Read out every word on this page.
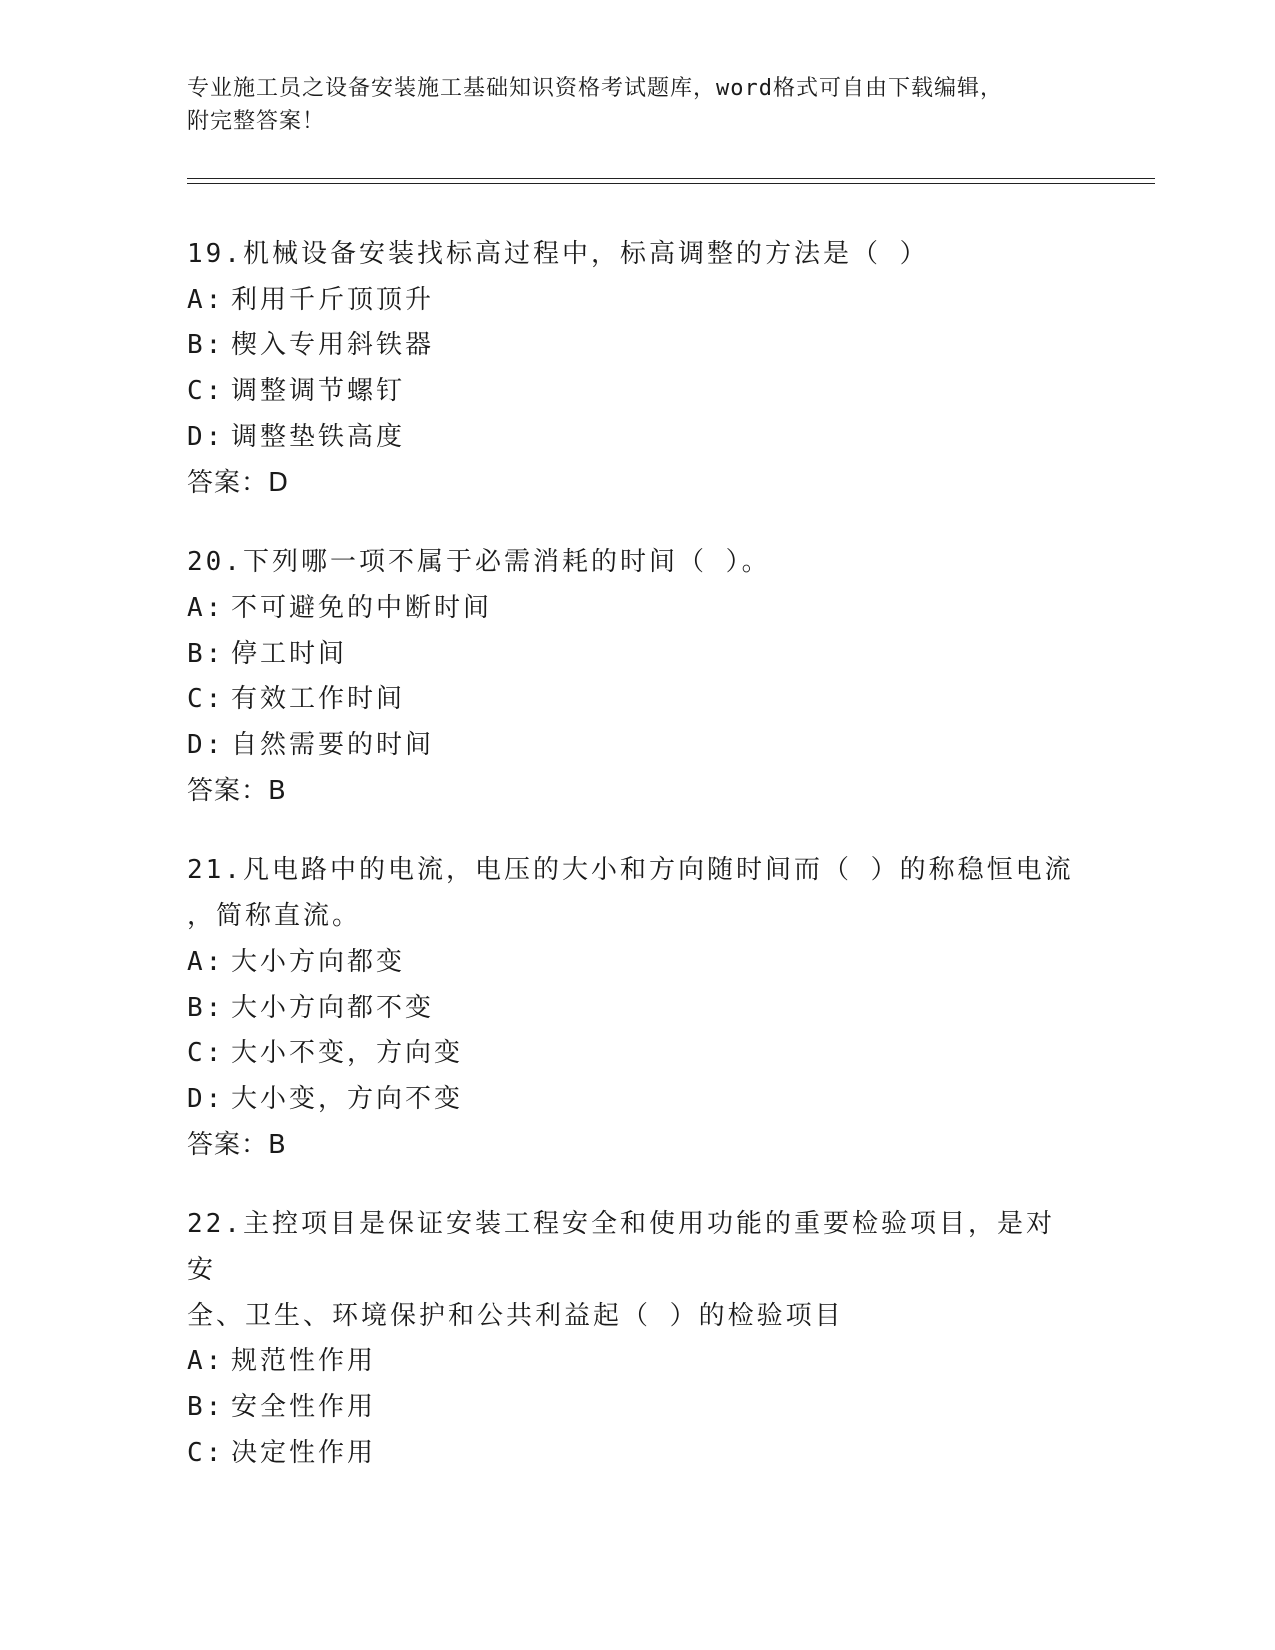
专业施工员之设备安装施工基础知识资格考试题库，word格式可自由下载编辑，
附完整答案！
19.机械设备安装找标高过程中，标高调整的方法是（ ）
A: 利用千斤顶顶升
B: 楔入专用斜铁器
C: 调整调节螺钉
D: 调整垫铁高度
答案：D
20.下列哪一项不属于必需消耗的时间（ ）。
A: 不可避免的中断时间
B: 停工时间
C: 有效工作时间
D: 自然需要的时间
答案：B
21.凡电路中的电流，电压的大小和方向随时间而（ ）的称稳恒电流
，简称直流。
A: 大小方向都变
B: 大小方向都不变
C: 大小不变，方向变
D: 大小变，方向不变
答案：B
22.主控项目是保证安装工程安全和使用功能的重要检验项目，是对安
全、卫生、环境保护和公共利益起（ ）的检验项目
A: 规范性作用
B: 安全性作用
C: 决定性作用
